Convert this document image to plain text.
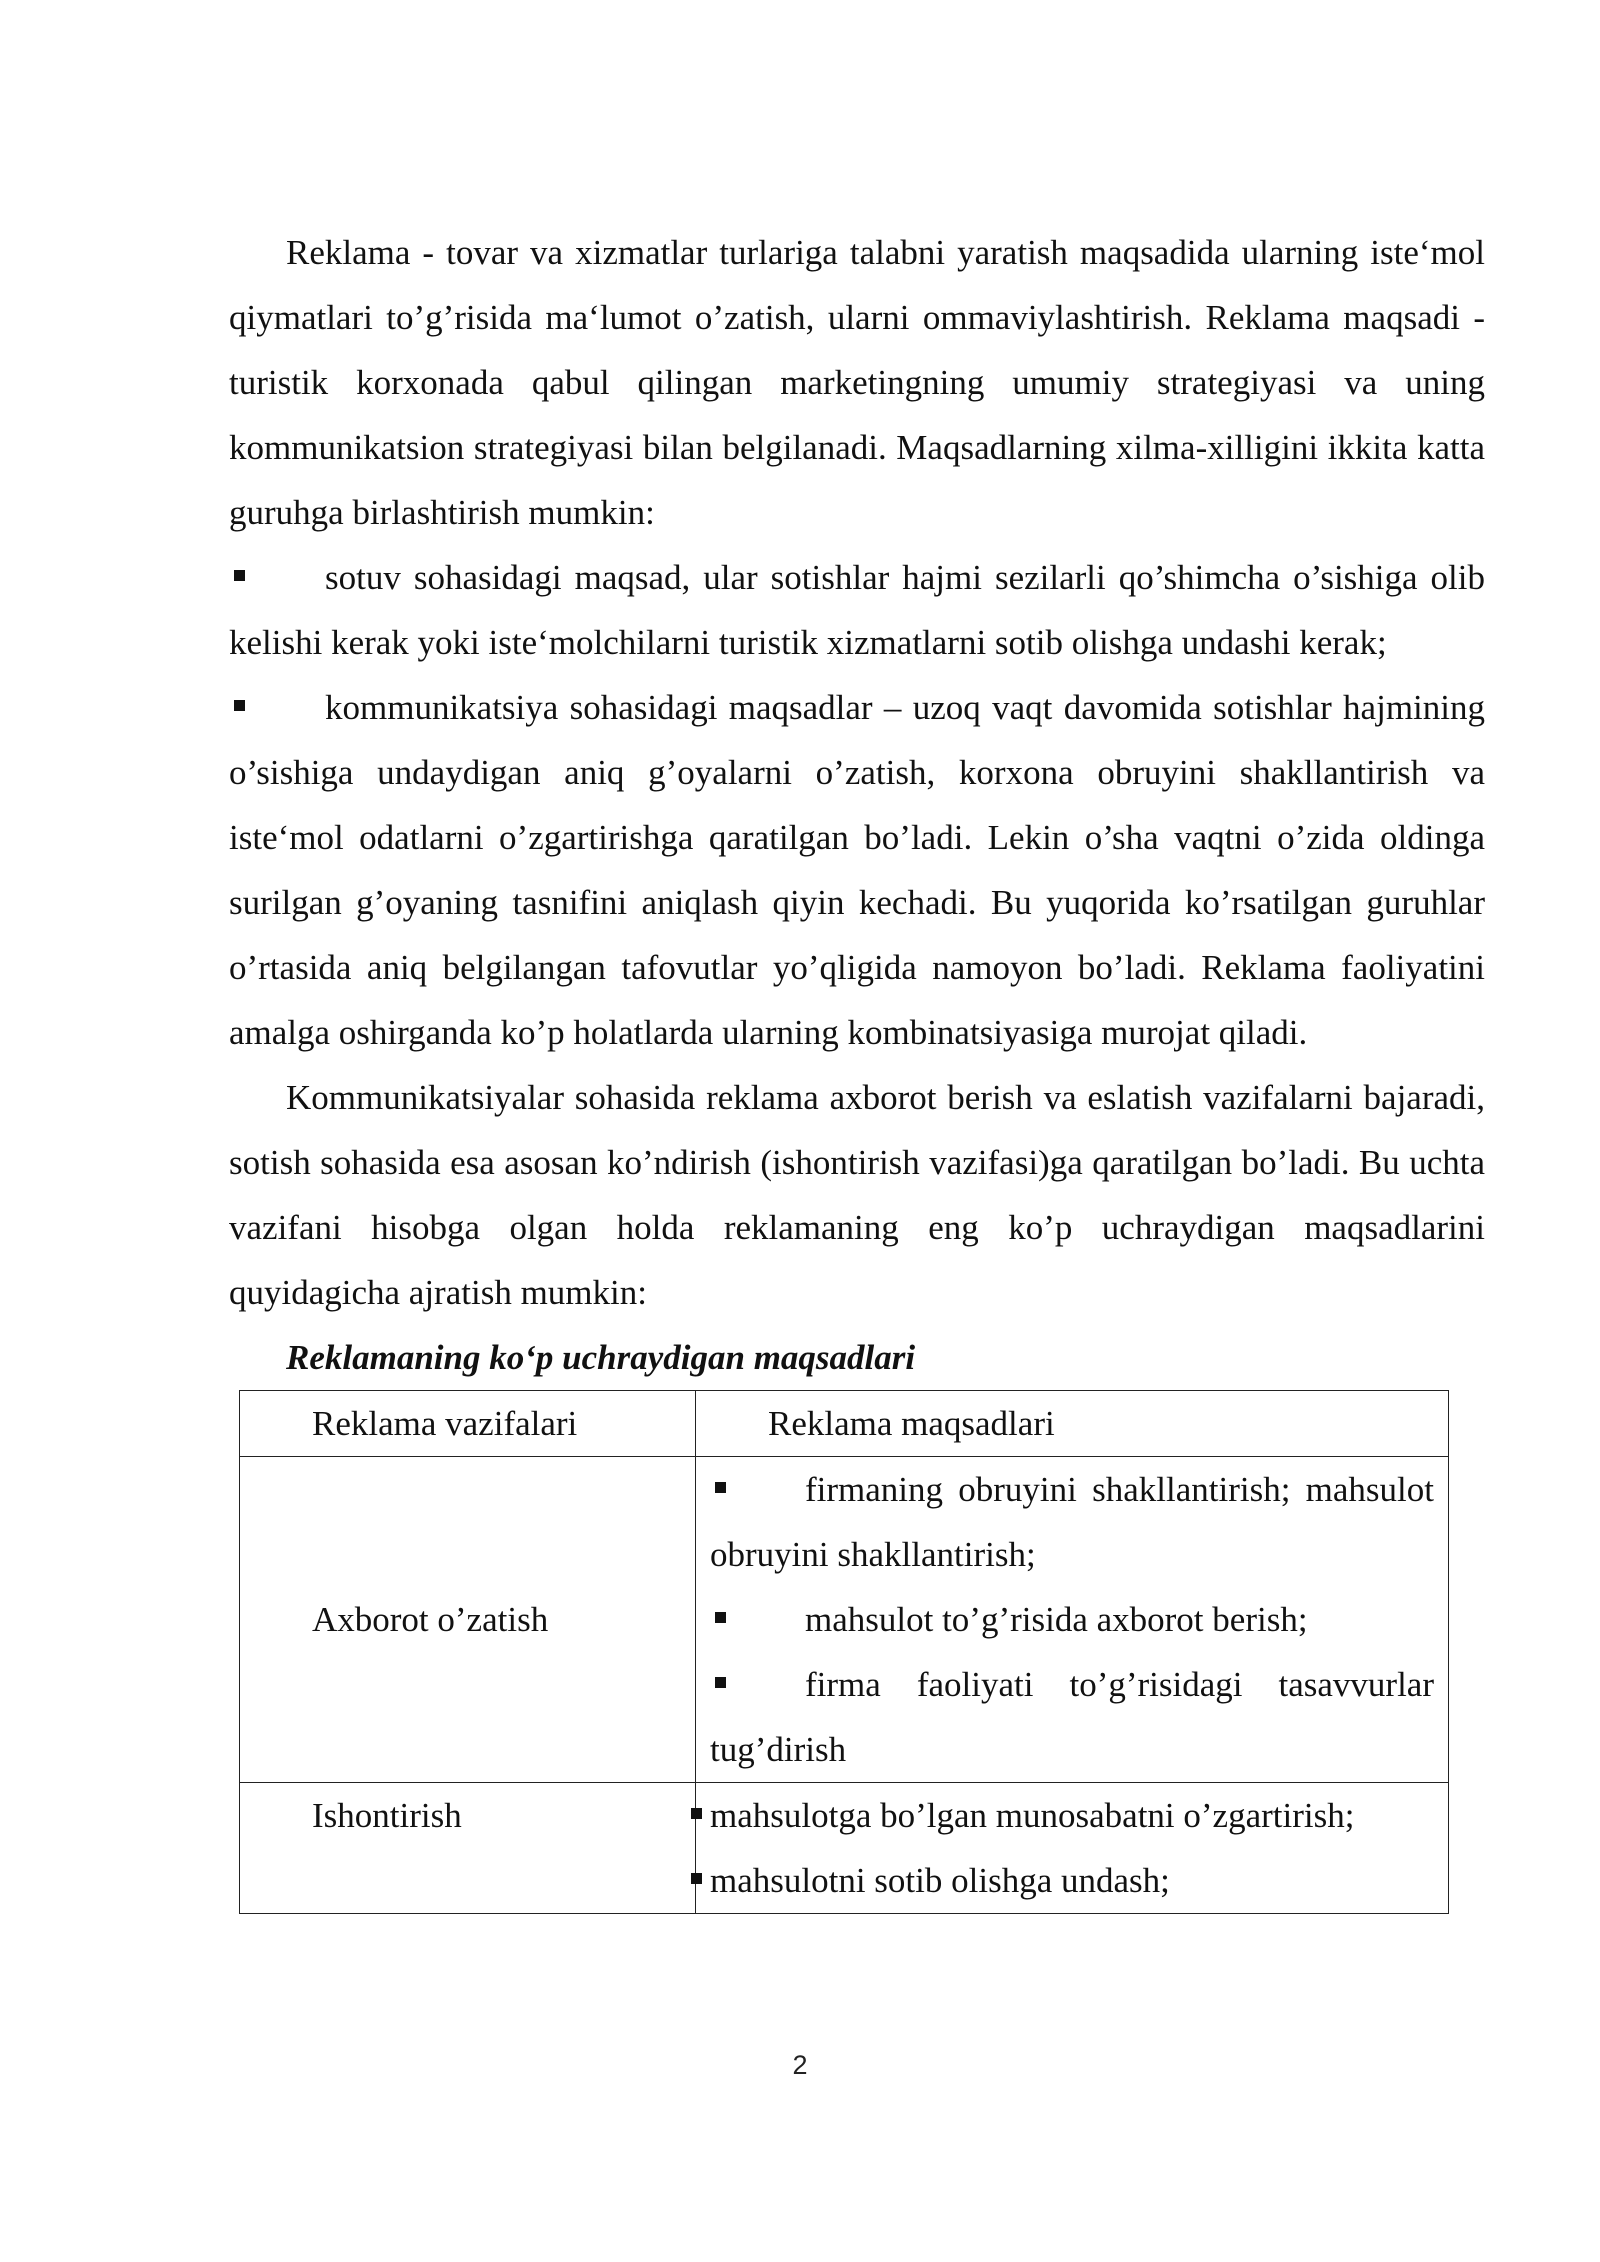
Reklama - tovar va xizmatlar turlariga talabni yaratish maqsadida ularning iste‘mol qiymatlari to’g’risida ma‘lumot o’zatish, ularni ommaviylashtirish. Reklama maqsadi - turistik korxonada qabul qilingan marketingning umumiy strategiyasi va uning kommunikatsion strategiyasi bilan belgilanadi. Maqsadlarning xilma-xilligini ikkita katta guruhga birlashtirish mumkin:

sotuv sohasidagi maqsad, ular sotishlar hajmi sezilarli qo’shimcha o’sishiga olib kelishi kerak yoki iste‘molchilarni turistik xizmatlarni sotib olishga undashi kerak;

kommunikatsiya sohasidagi maqsadlar – uzoq vaqt davomida sotishlar hajmining o’sishiga undaydigan aniq g’oyalarni o’zatish, korxona obruyini shakllantirish va iste‘mol odatlarni o’zgartirishga qaratilgan bo’ladi. Lekin o’sha vaqtni o’zida oldinga surilgan g’oyaning tasnifini aniqlash qiyin kechadi. Bu yuqorida ko’rsatilgan guruhlar o’rtasida aniq belgilangan tafovutlar yo’qligida namoyon bo’ladi. Reklama faoliyatini amalga oshirganda ko’p holatlarda ularning kombinatsiyasiga murojat qiladi.

Kommunikatsiyalar sohasida reklama axborot berish va eslatish vazifalarni bajaradi, sotish sohasida esa asosan ko’ndirish (ishontirish vazifasi)ga qaratilgan bo’ladi. Bu uchta vazifani hisobga olgan holda reklamaning eng ko’p uchraydigan maqsadlarini quyidagicha ajratish mumkin:

Reklamaning ko‘p uchraydigan maqsadlari

Reklama vazifalari	Reklama maqsadlari
Axborot o’zatish	firmaning obruyini shakllantirish; mahsulot obruyini shakllantirish;
mahsulot to’g’risida axborot berish;
firma faoliyati to’g’risidagi tasavvurlar tug’dirish

Ishontirish	mahsulotga bo’lgan munosabatni o’zgartirish;
mahsulotni sotib olishga undash;
2
